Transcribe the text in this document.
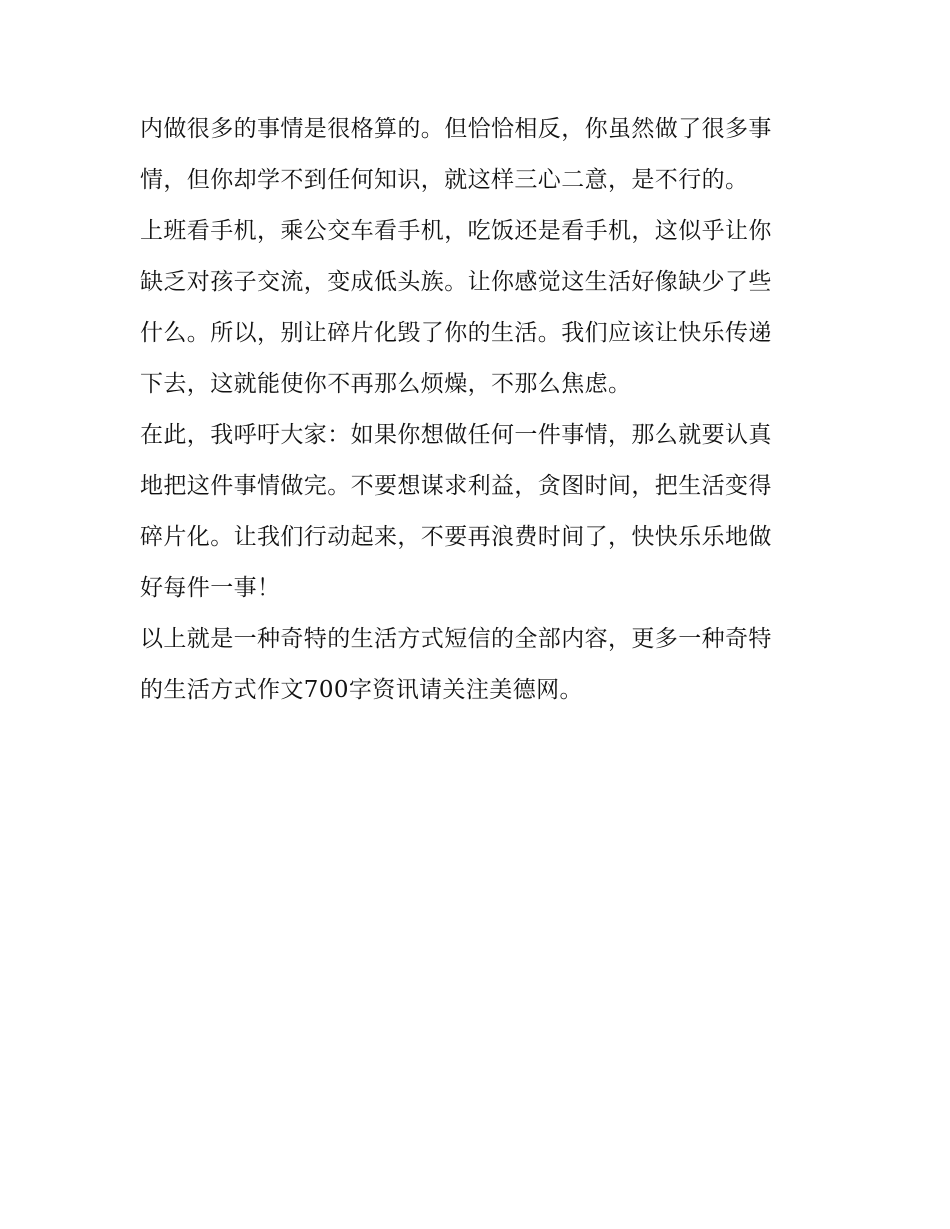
内做很多的事情是很格算的。但恰恰相反，你虽然做了很多事
情，但你却学不到任何知识，就这样三心二意，是不行的。
上班看手机，乘公交车看手机，吃饭还是看手机，这似乎让你
缺乏对孩子交流，变成低头族。让你感觉这生活好像缺少了些
什么。所以，别让碎片化毁了你的生活。我们应该让快乐传递
下去，这就能使你不再那么烦燥，不那么焦虑。
在此，我呼吁大家：如果你想做任何一件事情，那么就要认真
地把这件事情做完。不要想谋求利益，贪图时间，把生活变得
碎片化。让我们行动起来，不要再浪费时间了，快快乐乐地做
好每件一事！
以上就是一种奇特的生活方式短信的全部内容，更多一种奇特
的生活方式作文700字资讯请关注美德网。
